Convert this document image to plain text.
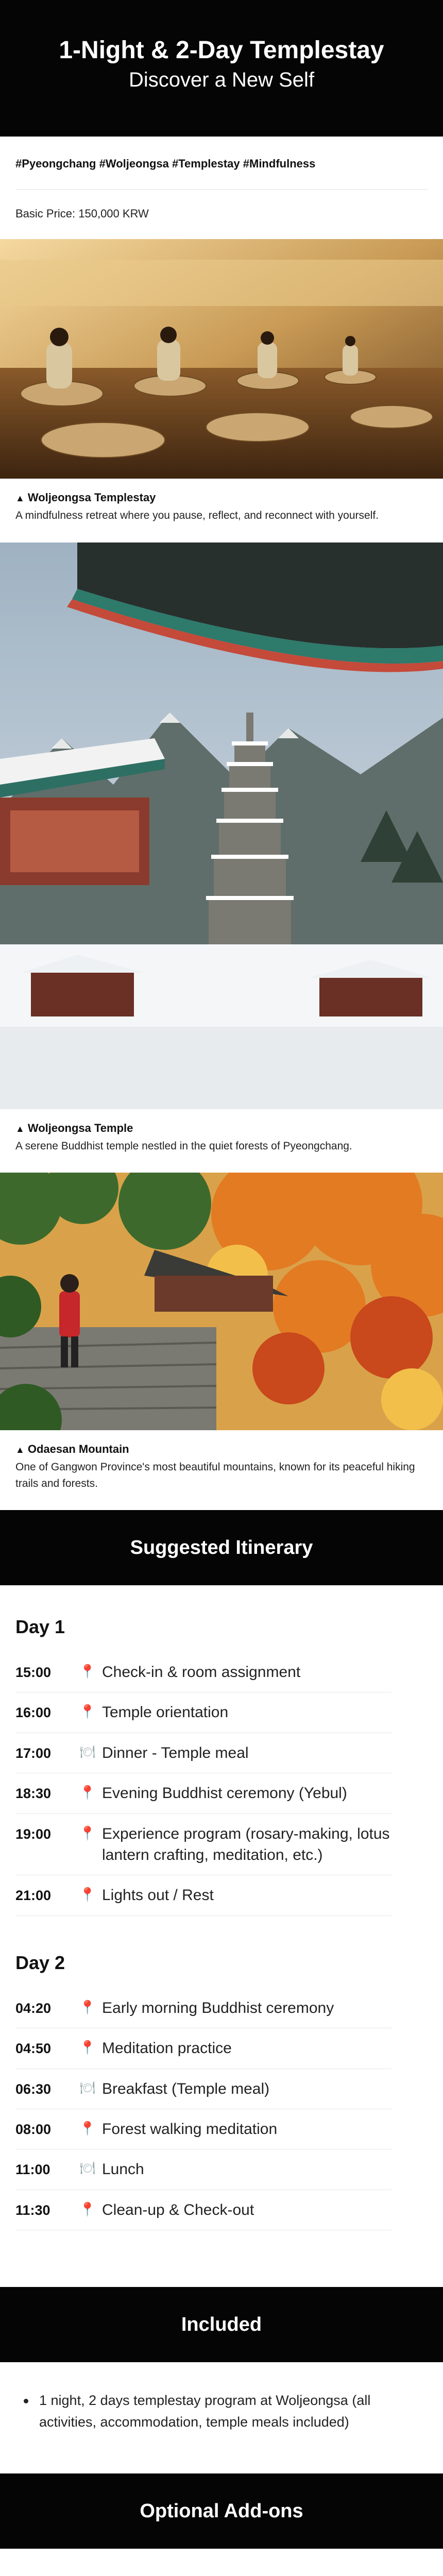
1-Night & 2-Day Templestay
Discover a New Self
#Pyeongchang #Woljeongsa #Templestay #Mindfulness
Basic Price: 150,000 KRW
▲ Woljeongsa Templestay
A mindfulness retreat where you pause, reflect, and reconnect with yourself.
▲ Woljeongsa Temple
A serene Buddhist temple nestled in the quiet forests of Pyeongchang.
▲ Odaesan Mountain
One of Gangwon Province's most beautiful mountains, known for its peaceful hiking trails and forests.
Suggested Itinerary
Day 1
15:00	📍 Check-in & room assignment
16:00	📍 Temple orientation
17:00	🍽 Dinner - Temple meal
18:30	📍 Evening Buddhist ceremony (Yebul)
19:00	📍 Experience program (rosary-making, lotus lantern crafting, meditation, etc.)
21:00	📍 Lights out / Rest
Day 2
04:20	📍 Early morning Buddhist ceremony
04:50	📍 Meditation practice
06:30	🍽 Breakfast (Temple meal)
08:00	📍 Forest walking meditation
11:00	🍽 Lunch
11:30	📍 Clean-up & Check-out
Included
1 night, 2 days templestay program at Woljeongsa (all activities, accommodation, temple meals included)
Optional Add-ons
